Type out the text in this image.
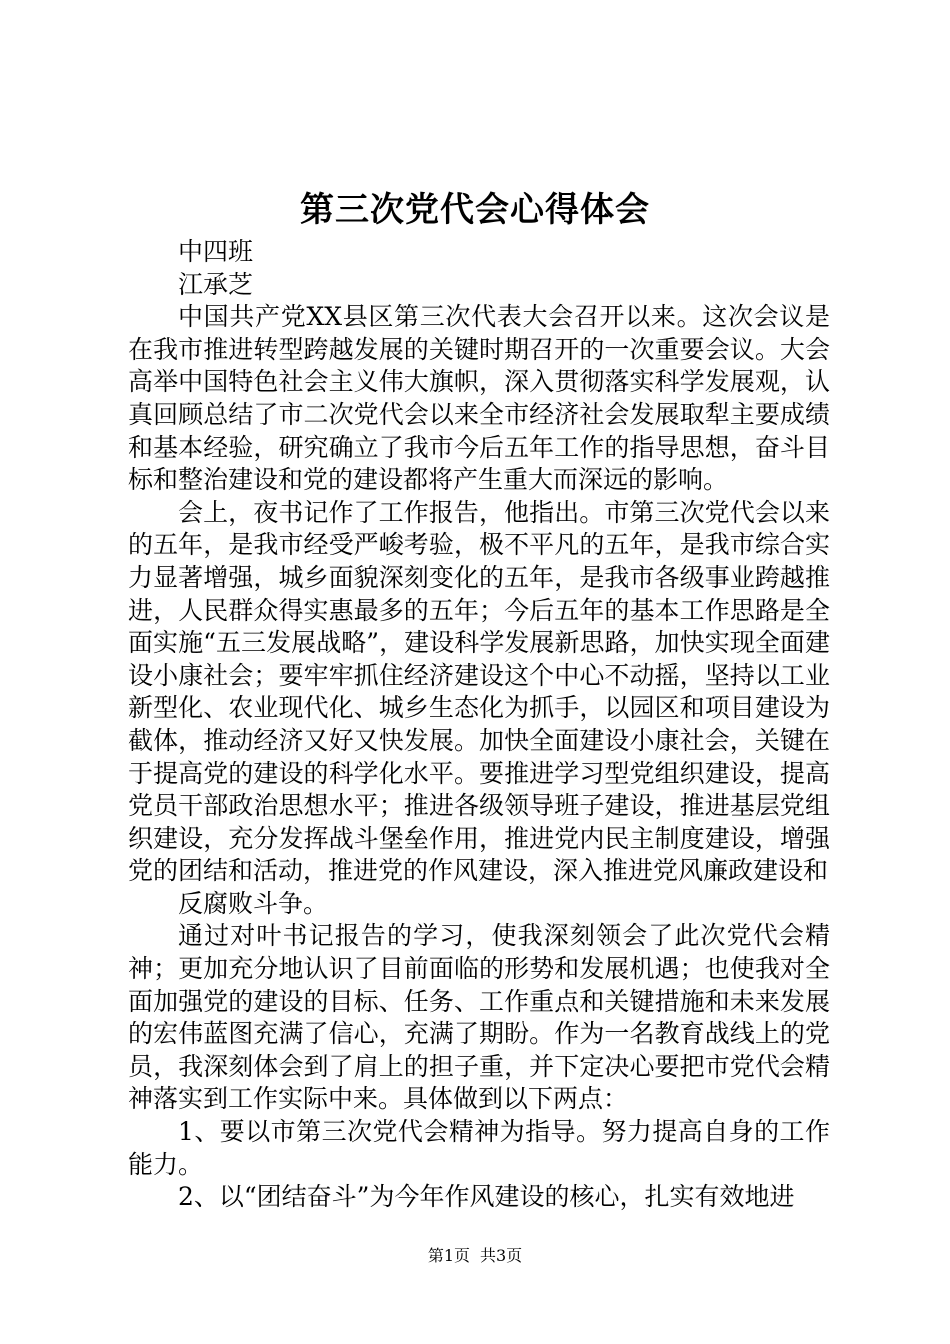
第三次党代会心得体会

中四班

江承芝

中国共产党XX县区第三次代表大会召开以来。这次会议是在我市推进转型跨越发展的关键时期召开的一次重要会议。大会高举中国特色社会主义伟大旗帜，深入贯彻落实科学发展观，认真回顾总结了市二次党代会以来全市经济社会发展取犁主要成绩和基本经验，研究确立了我市今后五年工作的指导思想，奋斗目标和整治建设和党的建设都将产生重大而深远的影响。

会上，夜书记作了工作报告，他指出。市第三次党代会以来的五年，是我市经受严峻考验，极不平凡的五年，是我市综合实力显著增强，城乡面貌深刻变化的五年，是我市各级事业跨越推进，人民群众得实惠最多的五年；今后五年的基本工作思路是全面实施“五三发展战略”，建设科学发展新思路，加快实现全面建设小康社会；要牢牢抓住经济建设这个中心不动摇，坚持以工业新型化、农业现代化、城乡生态化为抓手，以园区和项目建设为截体，推动经济又好又快发展。加快全面建设小康社会，关键在于提高党的建设的科学化水平。要推进学习型党组织建设，提高党员干部政治思想水平；推进各级领导班子建设，推进基层党组织建设，充分发挥战斗堡垒作用，推进党内民主制度建设，增强党的团结和活动，推进党的作风建设，深入推进党风廉政建设和

反腐败斗争。

通过对叶书记报告的学习，使我深刻领会了此次党代会精神；更加充分地认识了目前面临的形势和发展机遇；也使我对全面加强党的建设的目标、任务、工作重点和关键措施和未来发展的宏伟蓝图充满了信心，充满了期盼。作为一名教育战线上的党员，我深刻体会到了肩上的担子重，并下定决心要把市党代会精神落实到工作实际中来。具体做到以下两点：

1、要以市第三次党代会精神为指导。努力提高自身的工作能力。

2、以“团结奋斗”为今年作风建设的核心，扎实有效地进

第1页 共3页
